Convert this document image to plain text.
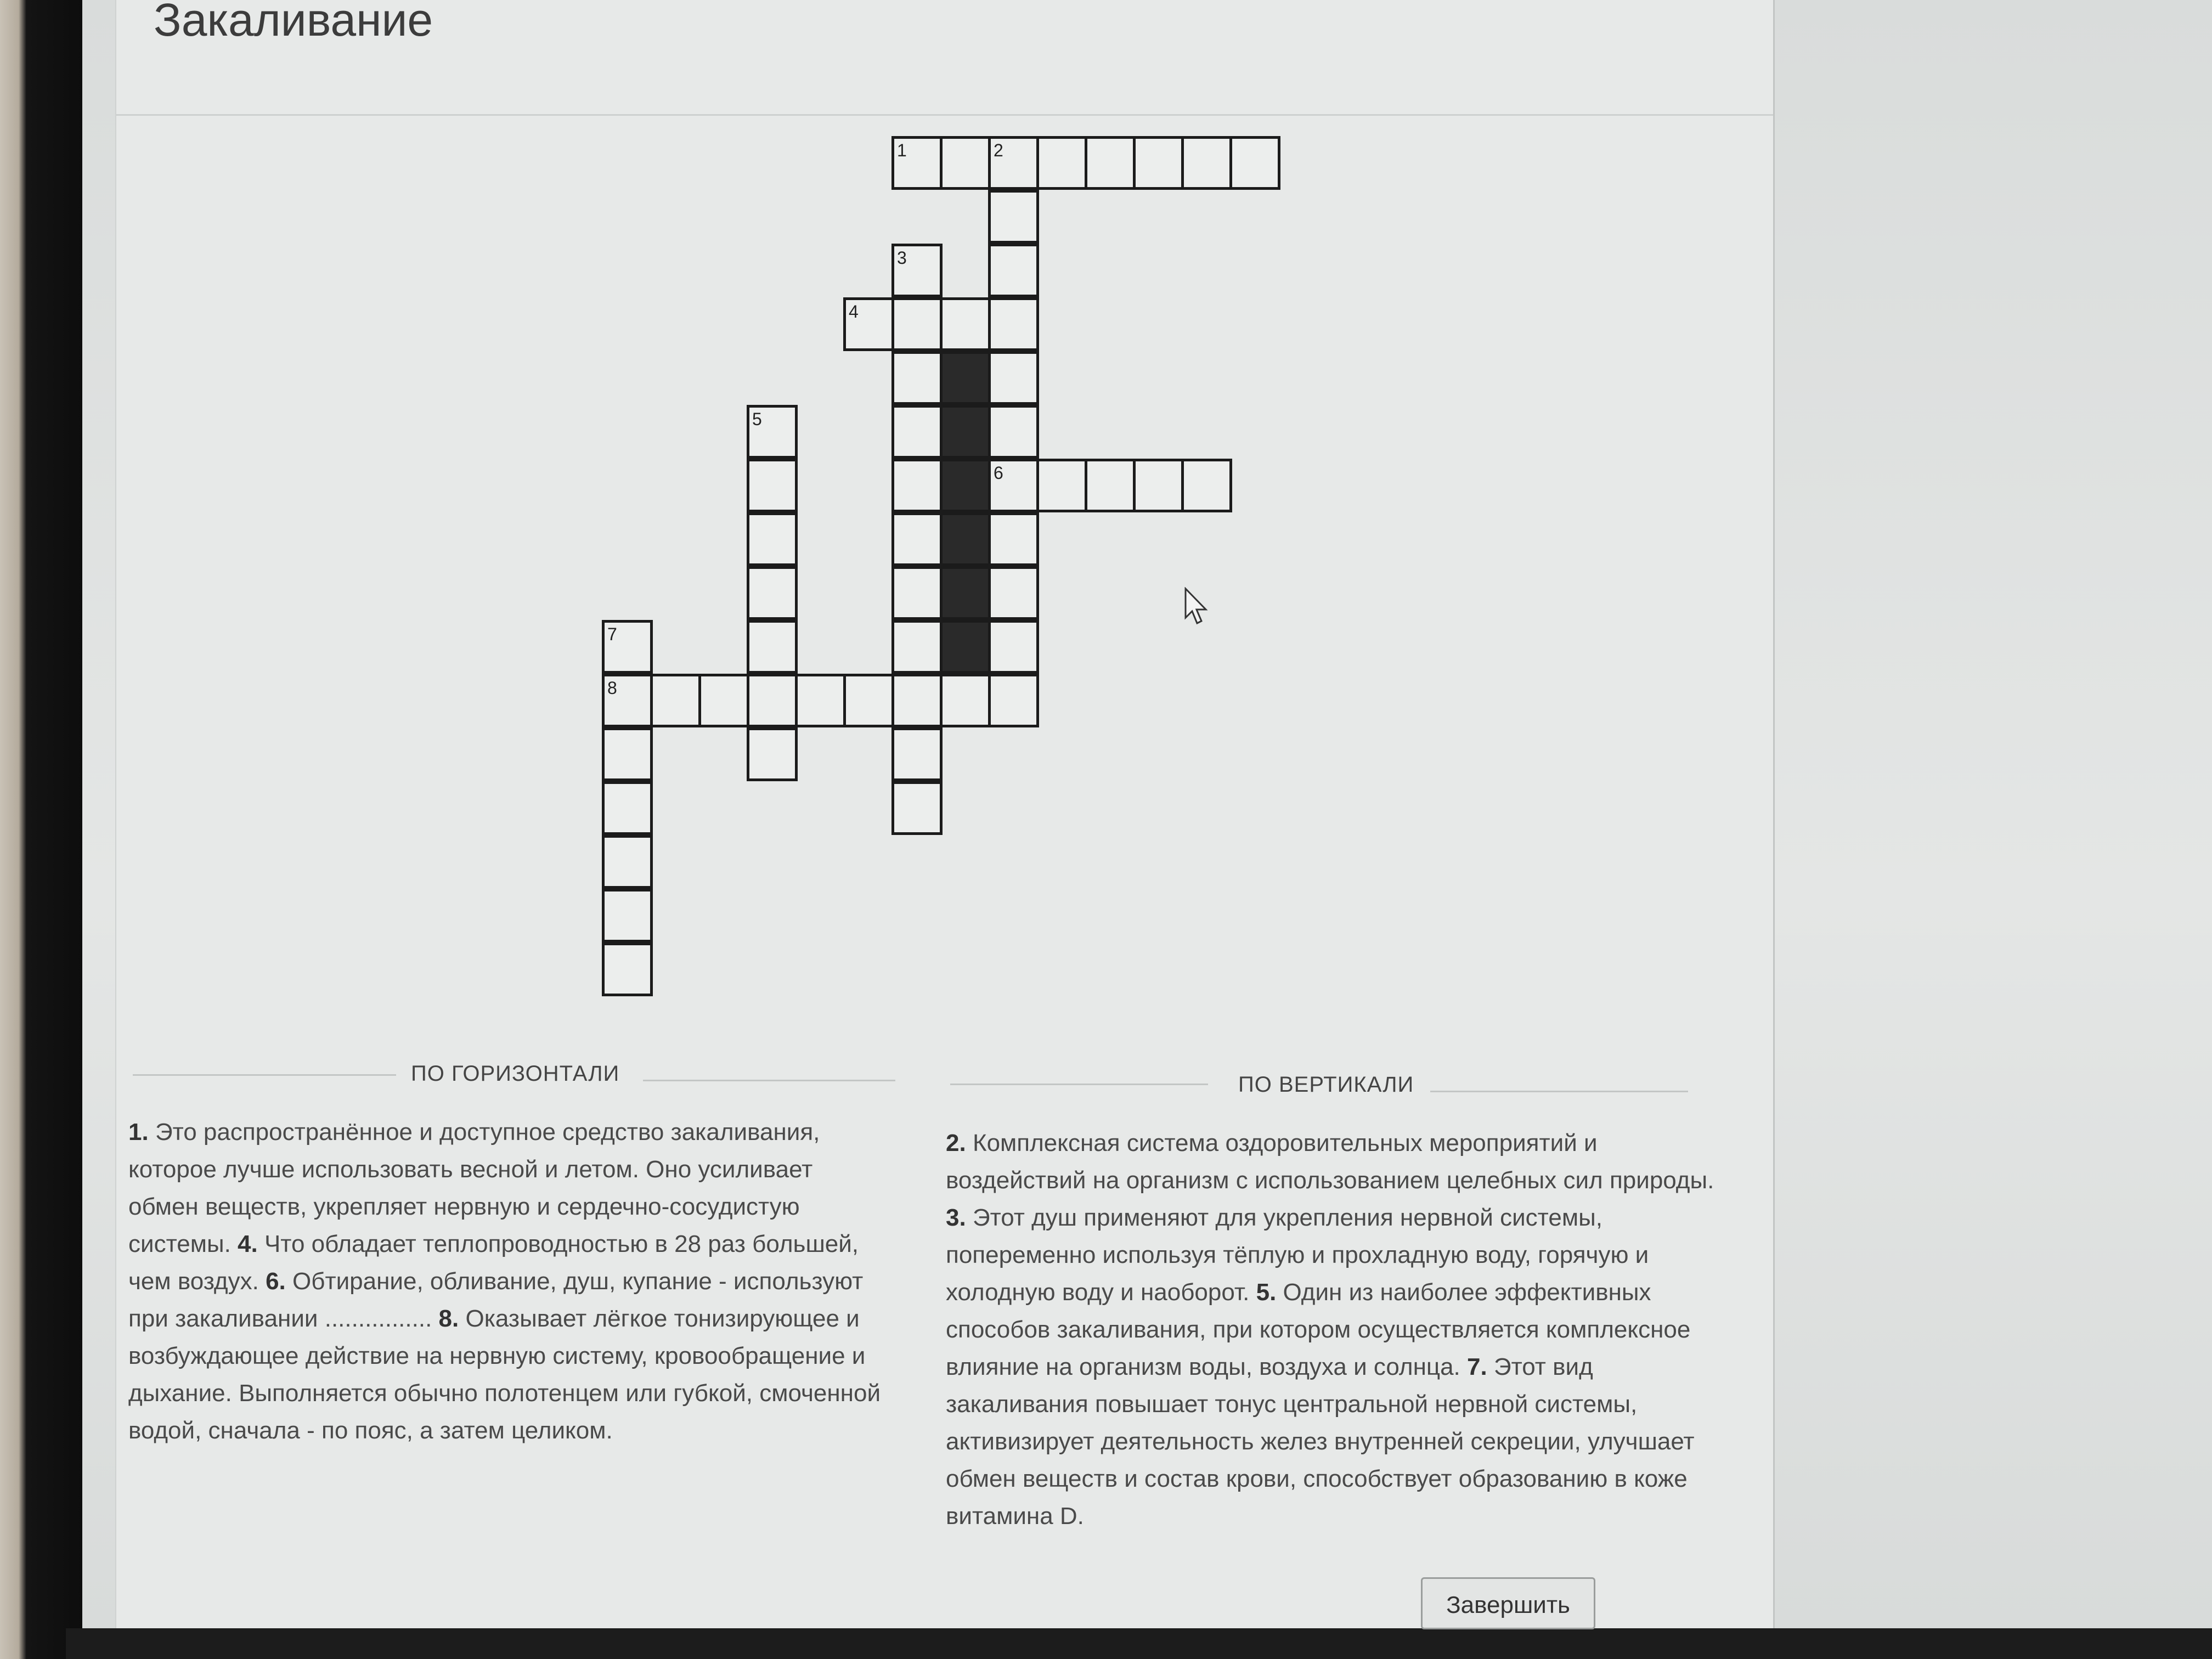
Закаливание
1	2
3
4
5
6
7
8
ПО ГОРИЗОНТАЛИ	ПО ВЕРТИКАЛИ
1. Это распространённое и доступное средство закаливания, которое лучше использовать весной и летом. Оно усиливает обмен веществ, укрепляет нервную и сердечно-сосудистую системы. 4. Что обладает теплопроводностью в 28 раз большей, чем воздух. 6. Обтирание, обливание, душ, купание - используют при закаливании ................ 8. Оказывает лёгкое тонизирующее и возбуждающее действие на нервную систему, кровообращение и дыхание. Выполняется обычно полотенцем или губкой, смоченной водой, сначала - по пояс, а затем целиком.
2. Комплексная система оздоровительных мероприятий и воздействий на организм с использованием целебных сил природы. 3. Этот душ применяют для укрепления нервной системы, попеременно используя тёплую и прохладную воду, горячую и холодную воду и наоборот. 5. Один из наиболее эффективных способов закаливания, при котором осуществляется комплексное влияние на организм воды, воздуха и солнца. 7. Этот вид закаливания повышает тонус центральной нервной системы, активизирует деятельность желез внутренней секреции, улучшает обмен веществ и состав крови, способствует образованию в коже витамина D.
Завершить
